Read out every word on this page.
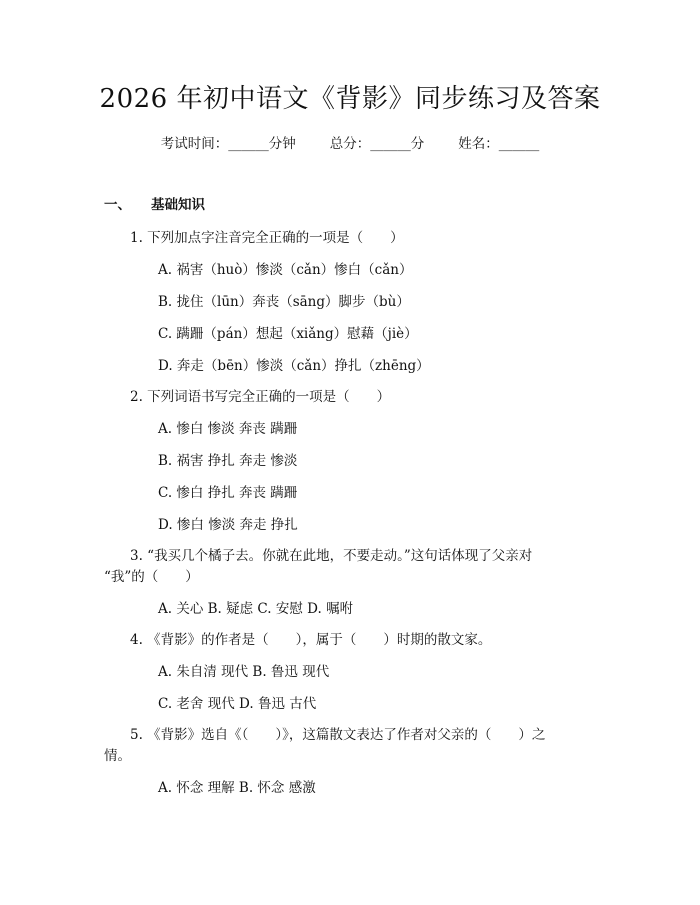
2026 年初中语文《背影》同步练习及答案
考试时间：______分钟	总分：______分	姓名：______
一、 基础知识
1. 下列加点字注音完全正确的一项是（　　）
A. 祸害（huò）惨淡（cǎn）惨白（cǎn）
B. 拢住（lūn）奔丧（sāng）脚步（bù）
C. 蹒跚（pán）想起（xiǎng）慰藉（jiè）
D. 奔走（bēn）惨淡（cǎn）挣扎（zhēng）
2. 下列词语书写完全正确的一项是（　　）
A. 惨白 惨淡 奔丧 蹒跚
B. 祸害 挣扎 奔走 惨淡
C. 惨白 挣扎 奔丧 蹒跚
D. 惨白 惨淡 奔走 挣扎
3. “我买几个橘子去。你就在此地，不要走动。”这句话体现了父亲对
“我”的（　　）
A. 关心 B. 疑虑 C. 安慰 D. 嘱咐
4. 《背影》的作者是（　　），属于（　　）时期的散文家。
A. 朱自清 现代 B. 鲁迅 现代
C. 老舍 现代 D. 鲁迅 古代
5. 《背影》选自《（　　）》，这篇散文表达了作者对父亲的（　　）之
情。
A. 怀念 理解 B. 怀念 感激
